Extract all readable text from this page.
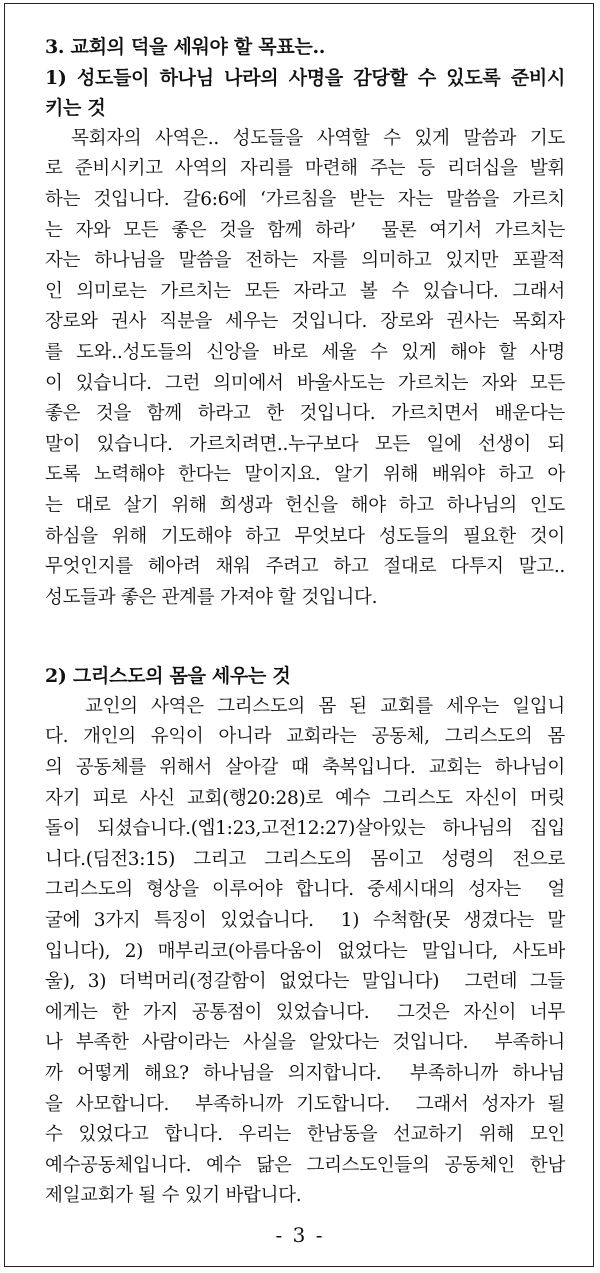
3. 교회의 덕을 세워야 할 목표는..
1) 성도들이 하나님 나라의 사명을 감당할 수 있도록 준비시
키는 것
목회자의 사역은.. 성도들을 사역할 수 있게 말씀과 기도
로 준비시키고 사역의 자리를 마련해 주는 등 리더십을 발휘
하는 것입니다. 갈6:6에 ‘가르침을 받는 자는 말씀을 가르치
는 자와 모든 좋은 것을 함께 하라’  물론 여기서 가르치는
자는 하나님을 말씀을 전하는 자를 의미하고 있지만 포괄적
인 의미로는 가르치는 모든 자라고 볼 수 있습니다. 그래서
장로와 권사 직분을 세우는 것입니다. 장로와 권사는 목회자
를 도와..성도들의 신앙을 바로 세울 수 있게 해야 할 사명
이 있습니다. 그런 의미에서 바울사도는 가르치는 자와 모든
좋은 것을 함께 하라고 한 것입니다. 가르치면서 배운다는
말이 있습니다. 가르치려면..누구보다 모든 일에 선생이 되
도록 노력해야 한다는 말이지요. 알기 위해 배워야 하고 아
는 대로 살기 위해 희생과 헌신을 해야 하고 하나님의 인도
하심을 위해 기도해야 하고 무엇보다 성도들의 필요한 것이
무엇인지를 헤아려 채워 주려고 하고 절대로 다투지 말고..
성도들과 좋은 관계를 가져야 할 것입니다.
2) 그리스도의 몸을 세우는 것
교인의 사역은 그리스도의 몸 된 교회를 세우는 일입니
다. 개인의 유익이 아니라 교회라는 공동체, 그리스도의 몸
의 공동체를 위해서 살아갈 때 축복입니다. 교회는 하나님이
자기 피로 사신 교회(행20:28)로 예수 그리스도 자신이 머릿
돌이 되셨습니다.(엡1:23,고전12:27)살아있는 하나님의 집입
니다.(딤전3:15) 그리고 그리스도의 몸이고 성령의 전으로
그리스도의 형상을 이루어야 합니다. 중세시대의 성자는  얼
굴에 3가지 특징이 있었습니다.  1) 수척함(못 생겼다는 말
입니다), 2) 매부리코(아름다움이 없었다는 말입니다, 사도바
울), 3) 더벅머리(정갈함이 없었다는 말입니다)  그런데 그들
에게는 한 가지 공통점이 있었습니다.  그것은 자신이 너무
나 부족한 사람이라는 사실을 알았다는 것입니다.  부족하니
까 어떻게 해요? 하나님을 의지합니다.  부족하니까 하나님
을 사모합니다.  부족하니까 기도합니다.  그래서 성자가 될
수 있었다고 합니다. 우리는 한남동을 선교하기 위해 모인
예수공동체입니다. 예수 닮은 그리스도인들의 공동체인 한남
제일교회가 될 수 있기 바랍니다.
- 3 -
